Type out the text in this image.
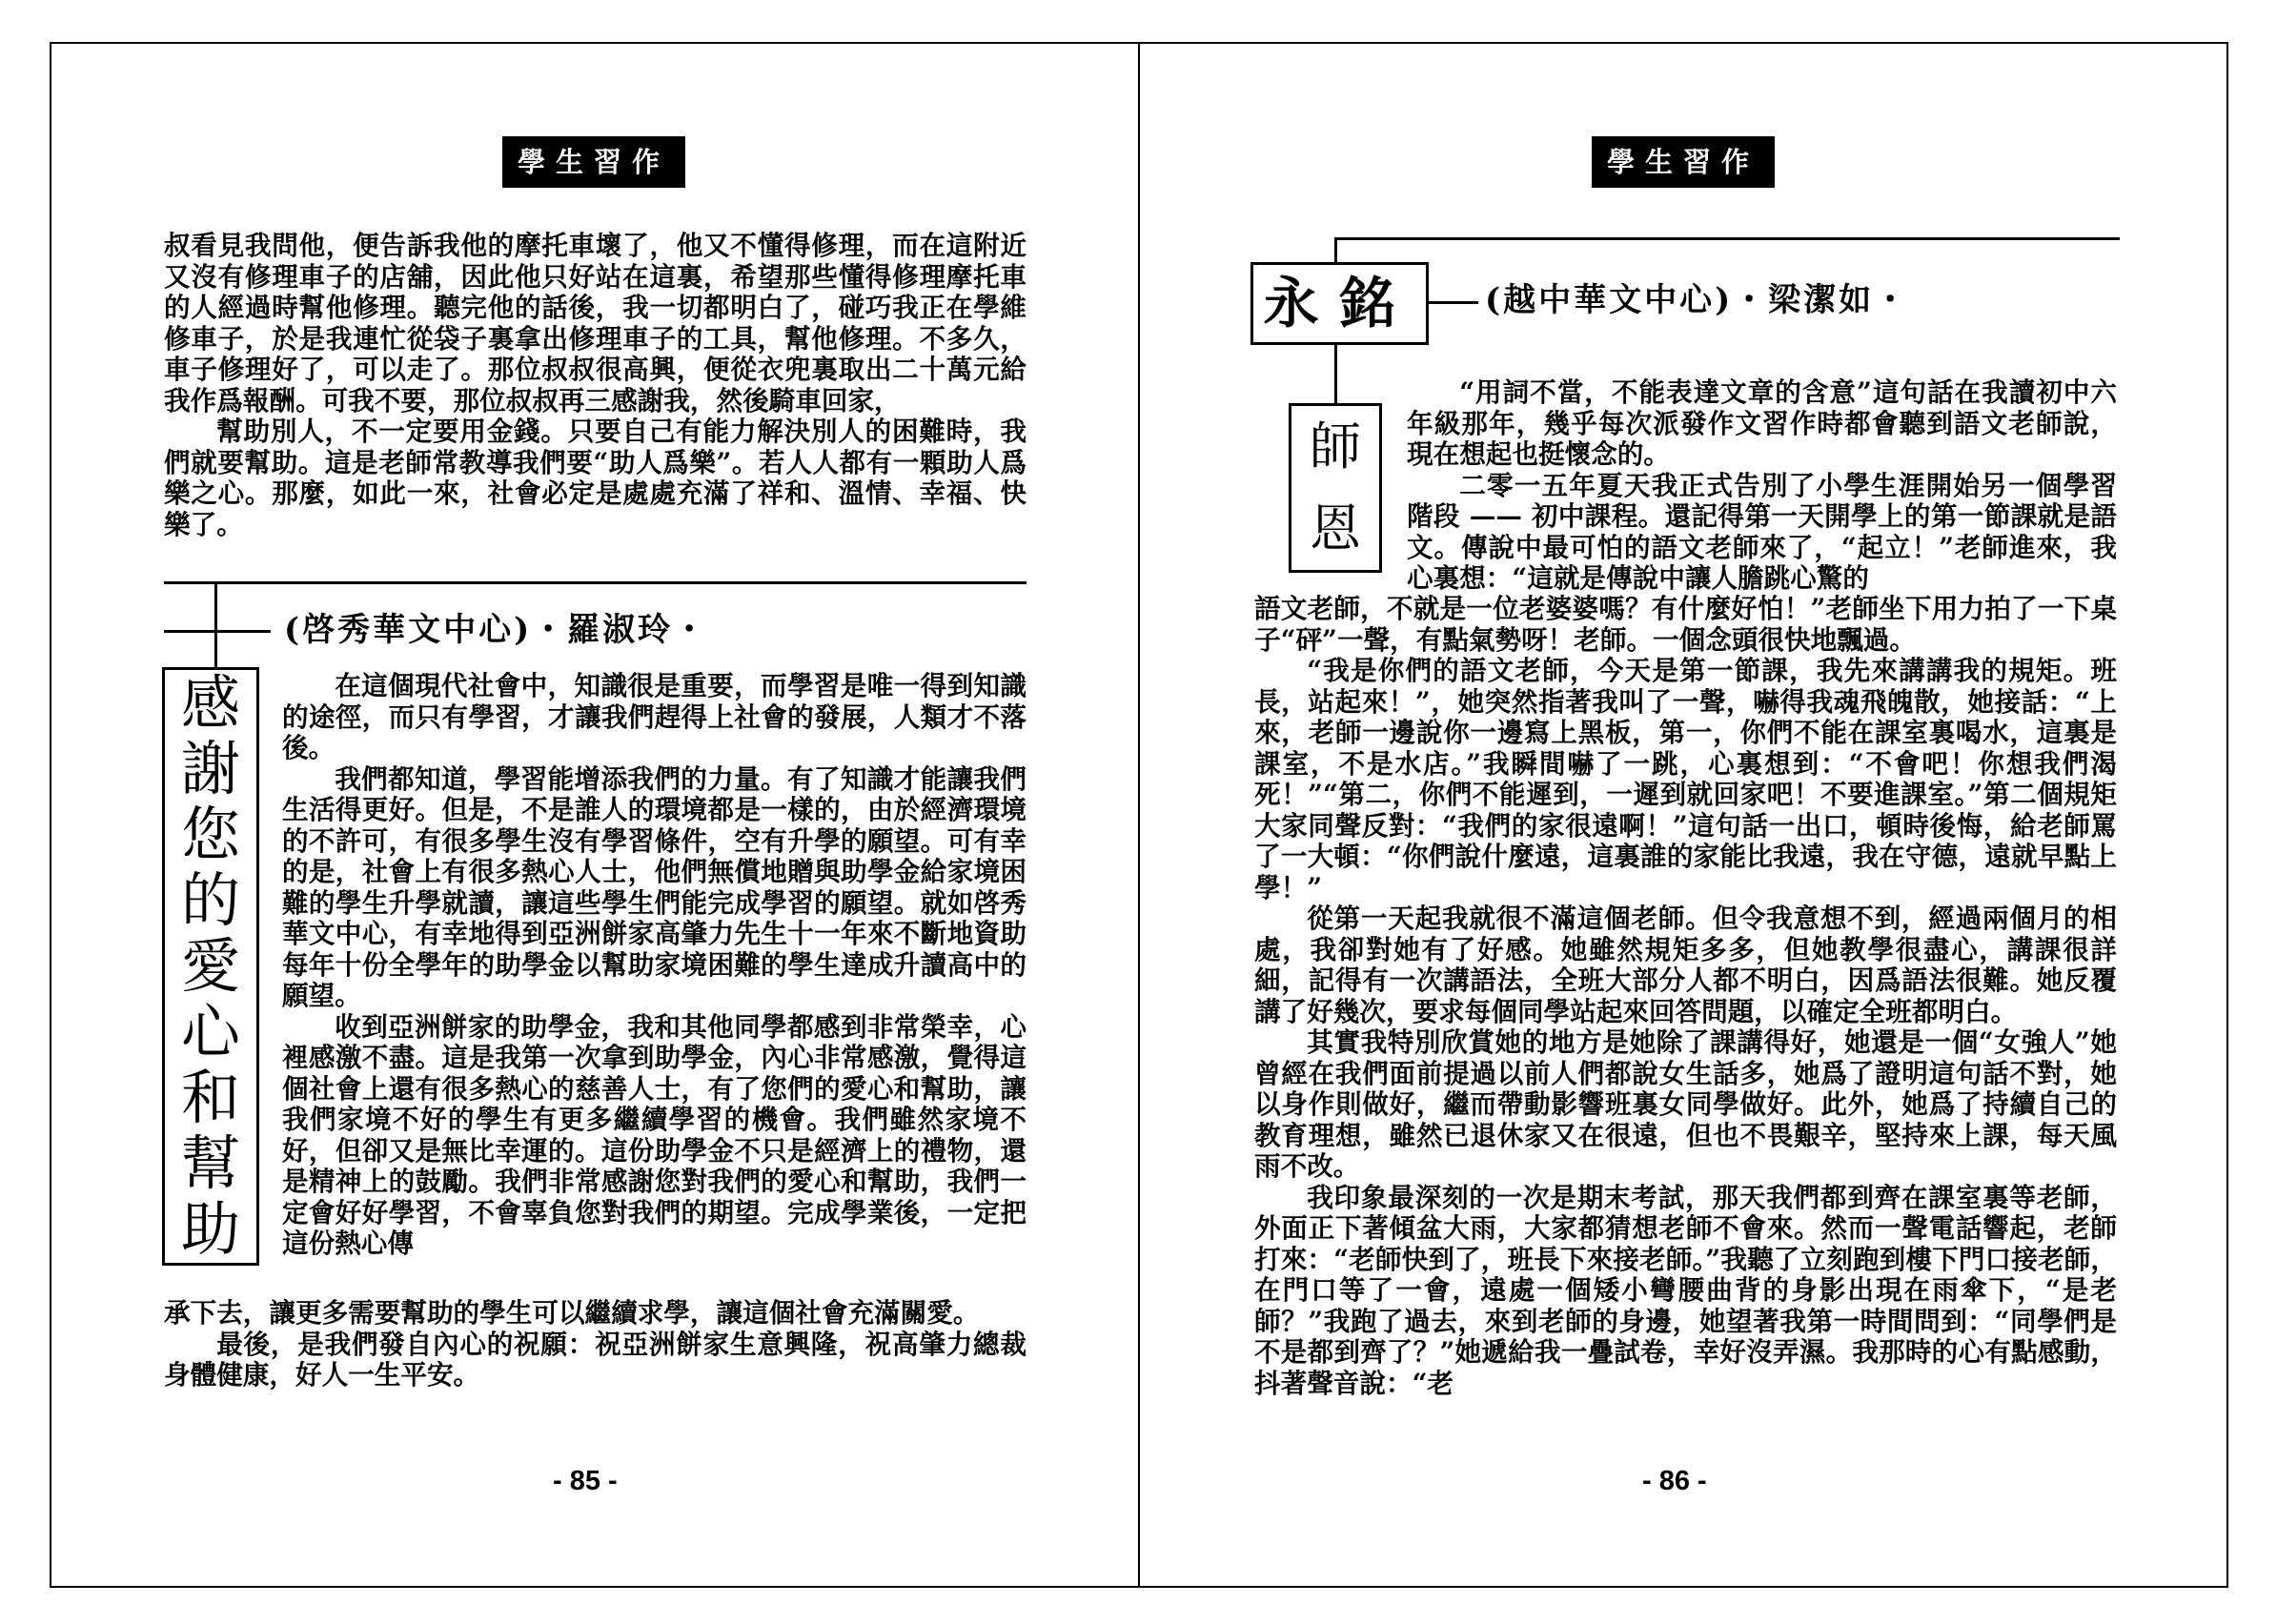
學生習作

叔看見我問他，便告訴我他的摩托車壞了，他又不懂得修理，而在這附近又沒有修理車子的店舖，因此他只好站在這裏，希望那些懂得修理摩托車的人經過時幫他修理。聽完他的話後，我一切都明白了，碰巧我正在學維修車子，於是我連忙從袋子裏拿出修理車子的工具，幫他修理。不多久，車子修理好了，可以走了。那位叔叔很高興，便從衣兜裏取出二十萬元給我作爲報酬。可我不要，那位叔叔再三感謝我，然後騎車回家，

幫助別人，不一定要用金錢。只要自己有能力解決別人的困難時，我們就要幫助。這是老師常教導我們要“助人爲樂”。若人人都有一顆助人爲樂之心。那麼，如此一來，社會必定是處處充滿了祥和、溫情、幸福、快樂了。

(啓秀華文中心)・羅淑玲・
感
謝
您
的
愛
心
和
幫
助

在這個現代社會中，知識很是重要，而學習是唯一得到知識的途徑，而只有學習，才讓我們趕得上社會的發展，人類才不落後。

我們都知道，學習能增添我們的力量。有了知識才能讓我們生活得更好。但是，不是誰人的環境都是一樣的，由於經濟環境的不許可，有很多學生沒有學習條件，空有升學的願望。可有幸的是，社會上有很多熱心人士，他們無償地贈與助學金給家境困難的學生升學就讀，讓這些學生們能完成學習的願望。就如啓秀華文中心，有幸地得到亞洲餅家高肇力先生十一年來不斷地資助每年十份全學年的助學金以幫助家境困難的學生達成升讀高中的願望。

收到亞洲餅家的助學金，我和其他同學都感到非常榮幸，心裡感激不盡。這是我第一次拿到助學金，內心非常感激，覺得這個社會上還有很多熱心的慈善人士，有了您們的愛心和幫助，讓我們家境不好的學生有更多繼續學習的機會。我們雖然家境不好，但卻又是無比幸運的。這份助學金不只是經濟上的禮物，還是精神上的鼓勵。我們非常感謝您對我們的愛心和幫助，我們一定會好好學習，不會辜負您對我們的期望。完成學業後，一定把這份熱心傳

承下去，讓更多需要幫助的學生可以繼續求學，讓這個社會充滿關愛。

最後，是我們發自內心的祝願：祝亞洲餅家生意興隆，祝高肇力總裁身體健康，好人一生平安。

- 85 -
學生習作
永銘	(越中華文中心)・梁潔如・
師
恩

“用詞不當，不能表達文章的含意”這句話在我讀初中六年級那年，幾乎每次派發作文習作時都會聽到語文老師說，現在想起也挺懷念的。

二零一五年夏天我正式告別了小學生涯開始另一個學習階段 —— 初中課程。還記得第一天開學上的第一節課就是語文。傳說中最可怕的語文老師來了，“起立！”老師進來，我心裏想：“這就是傳說中讓人膽跳心驚的

語文老師，不就是一位老婆婆嗎？有什麼好怕！”老師坐下用力拍了一下桌子“砰”一聲，有點氣勢呀！老師。一個念頭很快地飄過。

“我是你們的語文老師，今天是第一節課，我先來講講我的規矩。班長，站起來！”，她突然指著我叫了一聲，嚇得我魂飛魄散，她接話：“上來，老師一邊說你一邊寫上黑板，第一，你們不能在課室裏喝水，這裏是課室，不是水店。”我瞬間嚇了一跳，心裏想到：“不會吧！你想我們渴死！”“第二，你們不能遲到，一遲到就回家吧！不要進課室。”第二個規矩大家同聲反對：“我們的家很遠啊！”這句話一出口，頓時後悔，給老師罵了一大頓：“你們說什麼遠，這裏誰的家能比我遠，我在守德，遠就早點上學！”

從第一天起我就很不滿這個老師。但令我意想不到，經過兩個月的相處，我卻對她有了好感。她雖然規矩多多，但她教學很盡心，講課很詳細，記得有一次講語法，全班大部分人都不明白，因爲語法很難。她反覆講了好幾次，要求每個同學站起來回答問題，以確定全班都明白。

其實我特別欣賞她的地方是她除了課講得好，她還是一個“女強人”她曾經在我們面前提過以前人們都說女生話多，她爲了證明這句話不對，她以身作則做好，繼而帶動影響班裏女同學做好。此外，她爲了持續自己的教育理想，雖然已退休家又在很遠，但也不畏艱辛，堅持來上課，每天風雨不改。

我印象最深刻的一次是期末考試，那天我們都到齊在課室裏等老師，外面正下著傾盆大雨，大家都猜想老師不會來。然而一聲電話響起，老師打來：“老師快到了，班長下來接老師。”我聽了立刻跑到樓下門口接老師，在門口等了一會，遠處一個矮小彎腰曲背的身影出現在雨傘下，“是老師？”我跑了過去，來到老師的身邊，她望著我第一時間問到：“同學們是不是都到齊了？”她遞給我一疊試卷，幸好沒弄濕。我那時的心有點感動，抖著聲音說：“老

- 86 -
